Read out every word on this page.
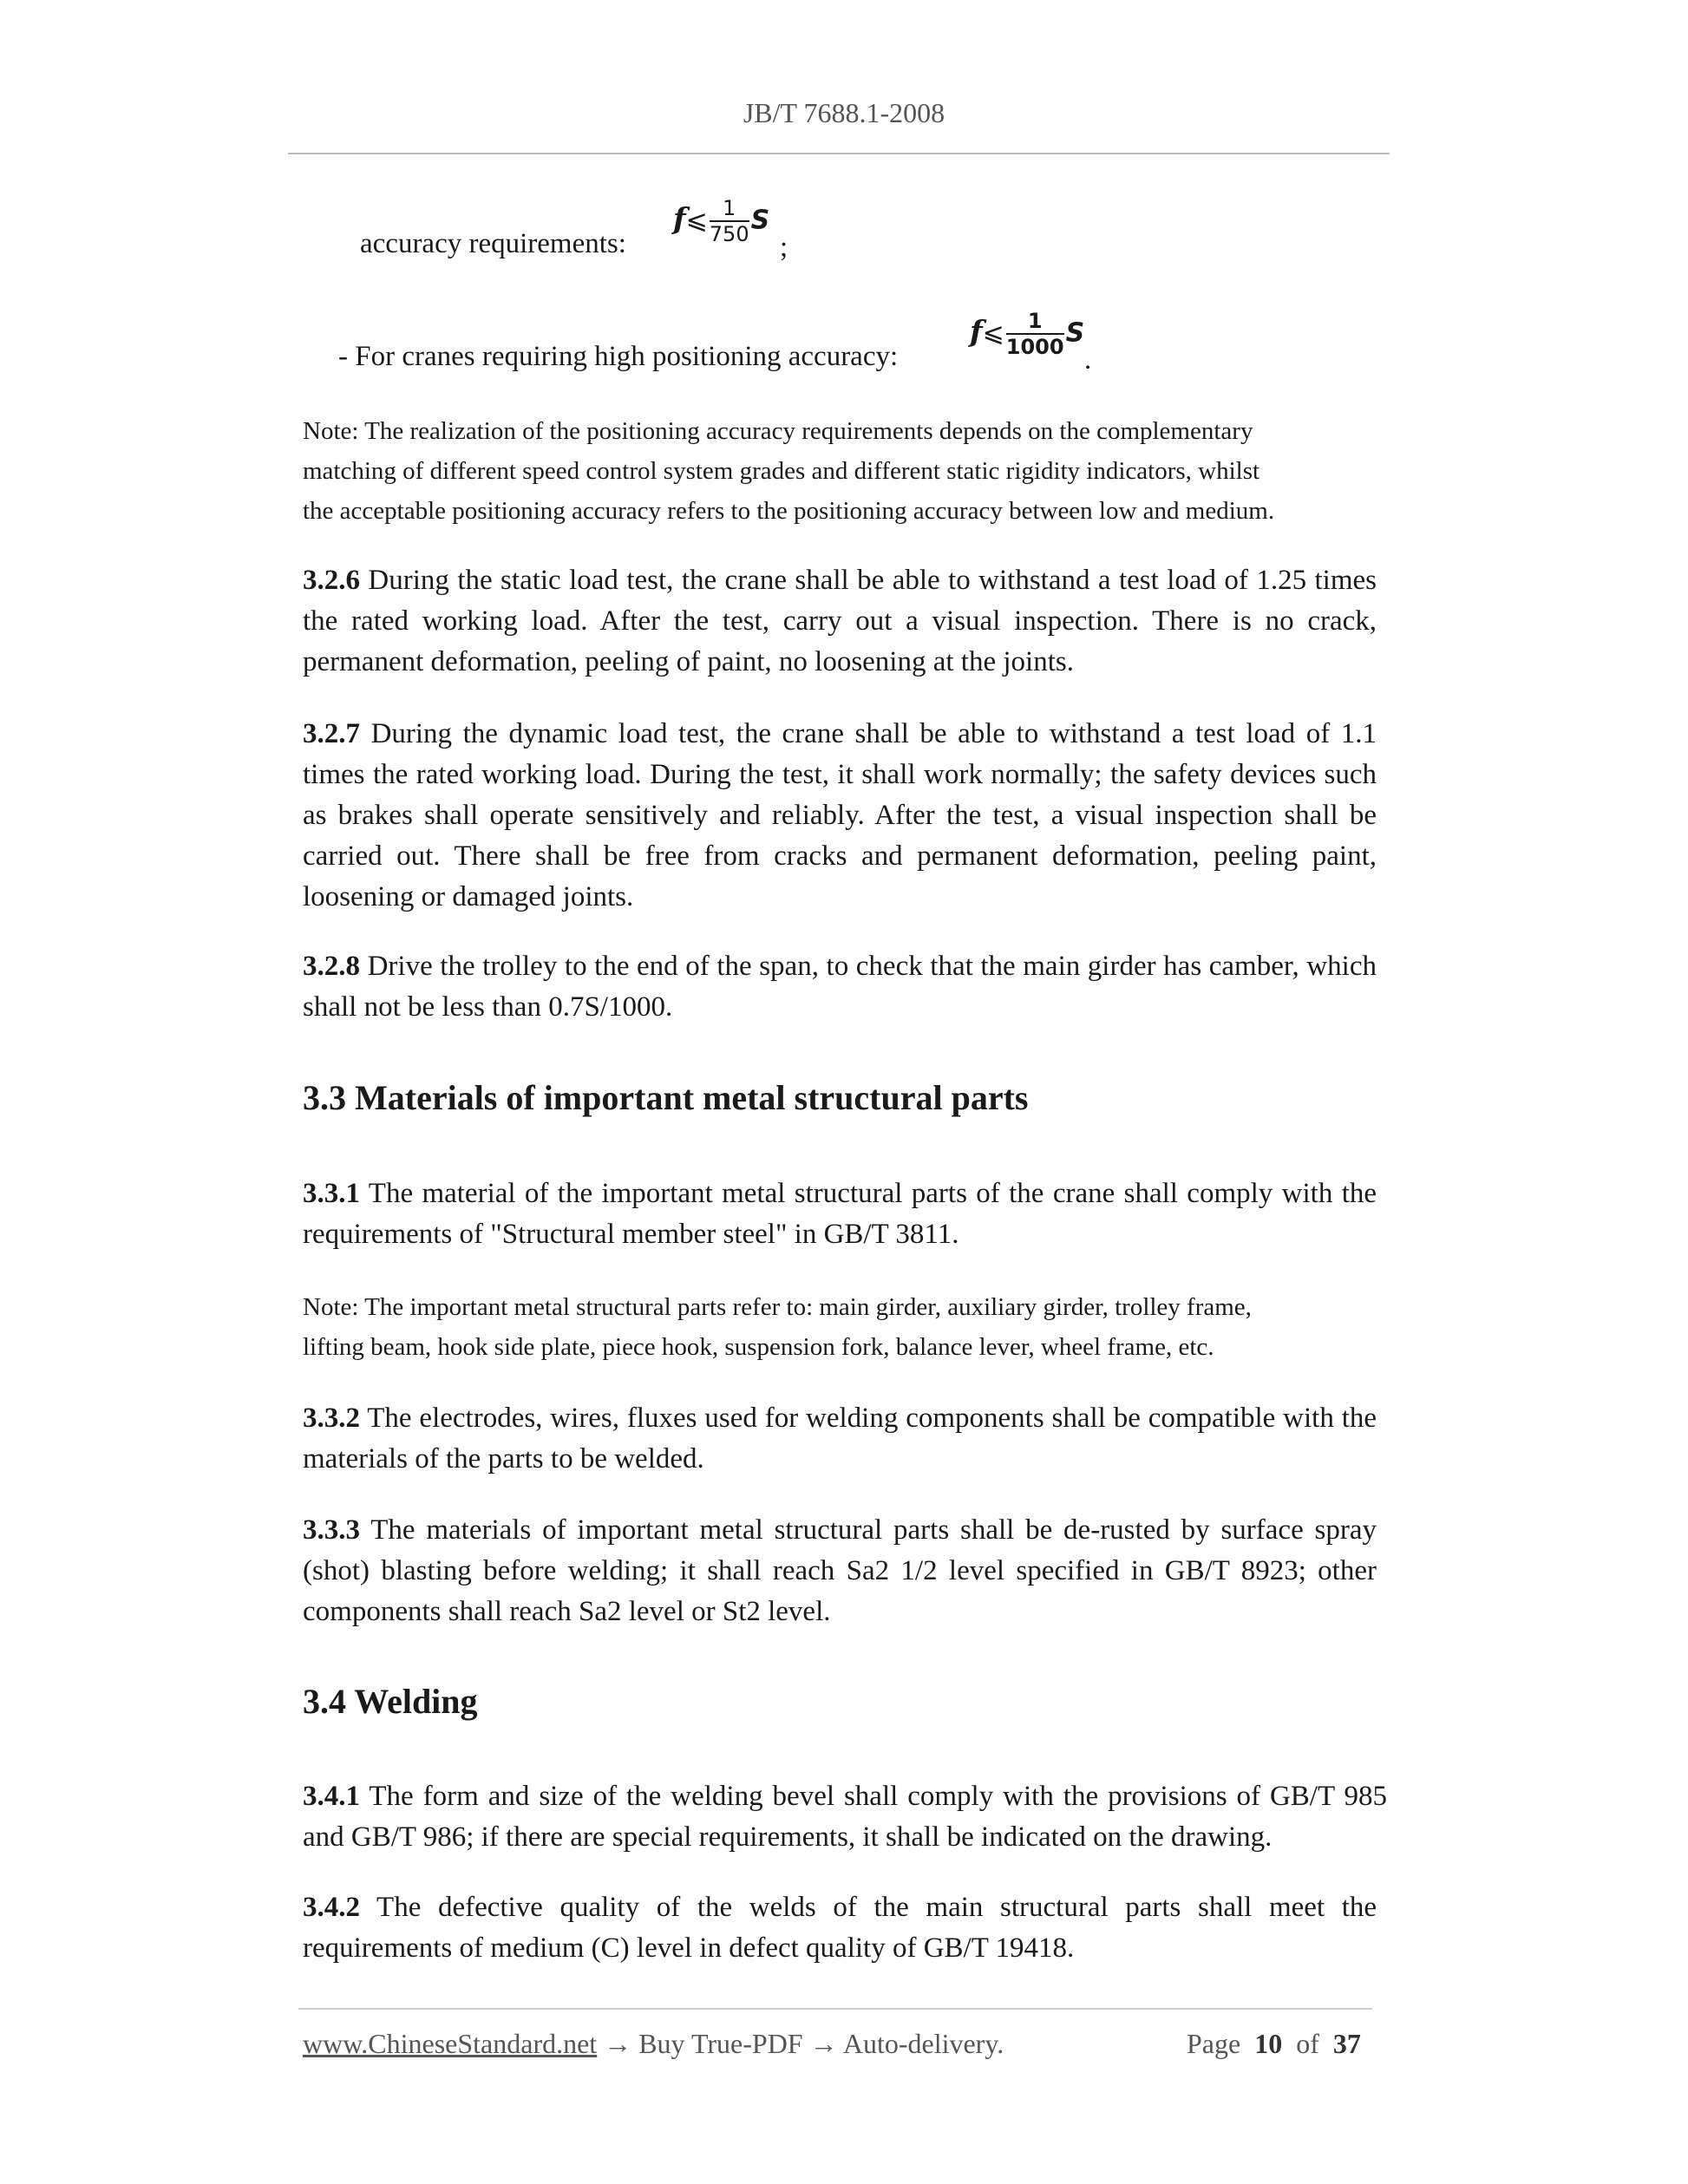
JB/T 7688.1-2008
accuracy requirements:
f⩽ $\frac{1}{750}$ S
;
- For cranes requiring high positioning accuracy:
f⩽ $\frac{1}{1000}$ S
.
Note: The realization of the positioning accuracy requirements depends on the complementary
matching of different speed control system grades and different static rigidity indicators, whilst
the acceptable positioning accuracy refers to the positioning accuracy between low and medium.
3.2.6 During the static load test, the crane shall be able to withstand a test load of 1.25 times the rated working load. After the test, carry out a visual inspection. There is no crack, permanent deformation, peeling of paint, no loosening at the joints.
3.2.7 During the dynamic load test, the crane shall be able to withstand a test load of 1.1 times the rated working load. During the test, it shall work normally; the safety devices such as brakes shall operate sensitively and reliably. After the test, a visual inspection shall be carried out. There shall be free from cracks and permanent deformation, peeling paint, loosening or damaged joints.
3.2.8 Drive the trolley to the end of the span, to check that the main girder has camber, which shall not be less than 0.7S/1000.
3.3 Materials of important metal structural parts
3.3.1 The material of the important metal structural parts of the crane shall comply with the requirements of "Structural member steel" in GB/T 3811.
Note: The important metal structural parts refer to: main girder, auxiliary girder, trolley frame,
lifting beam, hook side plate, piece hook, suspension fork, balance lever, wheel frame, etc.
3.3.2 The electrodes, wires, fluxes used for welding components shall be compatible with the materials of the parts to be welded.
3.3.3 The materials of important metal structural parts shall be de-rusted by surface spray (shot) blasting before welding; it shall reach Sa2 1/2 level specified in GB/T 8923; other components shall reach Sa2 level or St2 level.
3.4 Welding
3.4.1 The form and size of the welding bevel shall comply with the provisions of GB/T 985 and GB/T 986; if there are special requirements, it shall be indicated on the drawing.
3.4.2 The defective quality of the welds of the main structural parts shall meet the requirements of medium (C) level in defect quality of GB/T 19418.
www.ChineseStandard.net → Buy True-PDF → Auto-delivery.	Page 10 of 37
